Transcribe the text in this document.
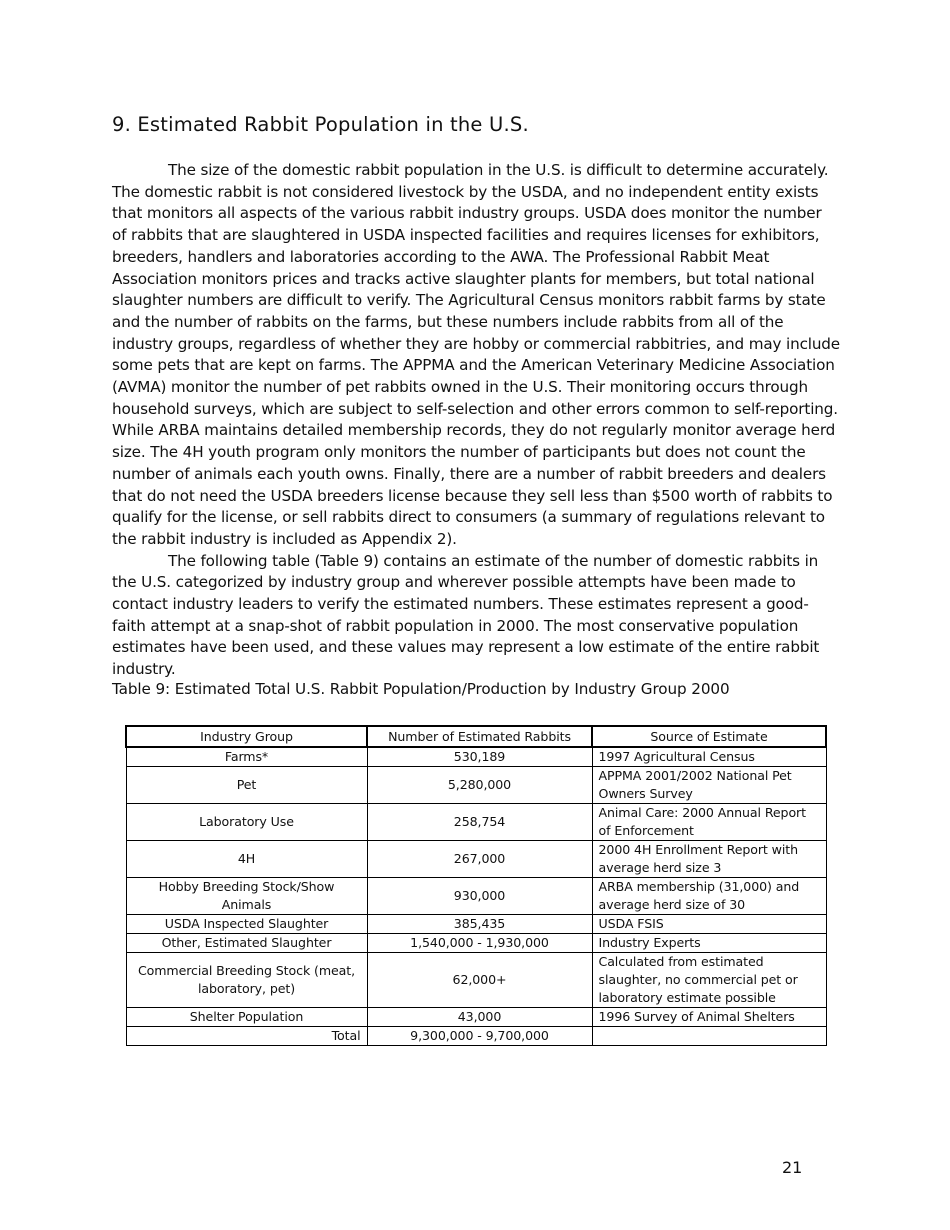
9. Estimated Rabbit Population in the U.S.

The size of the domestic rabbit population in the U.S. is difficult to determine accurately. The domestic rabbit is not considered livestock by the USDA, and no independent entity exists that monitors all aspects of the various rabbit industry groups. USDA does monitor the number of rabbits that are slaughtered in USDA inspected facilities and requires licenses for exhibitors, breeders, handlers and laboratories according to the AWA. The Professional Rabbit Meat Association monitors prices and tracks active slaughter plants for members, but total national slaughter numbers are difficult to verify. The Agricultural Census monitors rabbit farms by state and the number of rabbits on the farms, but these numbers include rabbits from all of the industry groups, regardless of whether they are hobby or commercial rabbitries, and may include some pets that are kept on farms. The APPMA and the American Veterinary Medicine Association (AVMA) monitor the number of pet rabbits owned in the U.S. Their monitoring occurs through household surveys, which are subject to self-selection and other errors common to self-reporting. While ARBA maintains detailed membership records, they do not regularly monitor average herd size. The 4H youth program only monitors the number of participants but does not count the number of animals each youth owns. Finally, there are a number of rabbit breeders and dealers that do not need the USDA breeders license because they sell less than $500 worth of rabbits to qualify for the license, or sell rabbits direct to consumers (a summary of regulations relevant to the rabbit industry is included as Appendix 2).

The following table (Table 9) contains an estimate of the number of domestic rabbits in the U.S. categorized by industry group and wherever possible attempts have been made to contact industry leaders to verify the estimated numbers. These estimates represent a good-faith attempt at a snap-shot of rabbit population in 2000. The most conservative population estimates have been used, and these values may represent a low estimate of the entire rabbit industry.

Table 9: Estimated Total U.S. Rabbit Population/Production by Industry Group 2000
Industry Group	Number of Estimated Rabbits	Source of Estimate
Farms*	530,189	1997 Agricultural Census
Pet	5,280,000	APPMA 2001/2002 National Pet Owners Survey
Laboratory Use	258,754	Animal Care: 2000 Annual Report of Enforcement
4H	267,000	2000 4H Enrollment Report with average herd size 3
Hobby Breeding Stock/Show Animals	930,000	ARBA membership (31,000) and average herd size of 30
USDA Inspected Slaughter	385,435	USDA FSIS
Other, Estimated Slaughter	1,540,000 - 1,930,000	Industry Experts
Commercial Breeding Stock (meat, laboratory, pet)	62,000+	Calculated from estimated slaughter, no commercial pet or laboratory estimate possible
Shelter Population	43,000	1996 Survey of Animal Shelters
Total	9,300,000 - 9,700,000	
21
